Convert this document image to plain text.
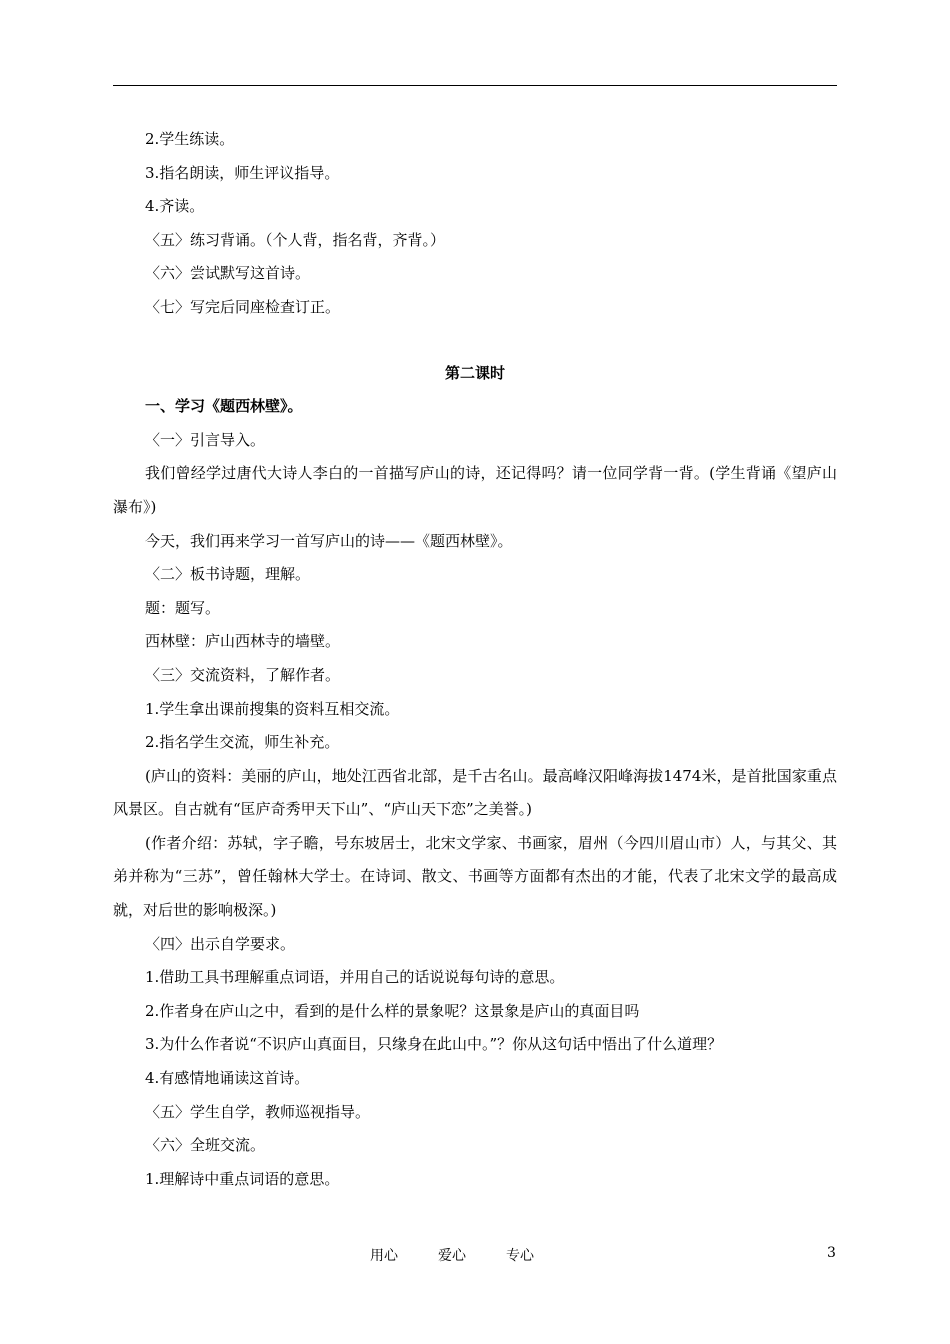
2.学生练读。

3.指名朗读，师生评议指导。

4.齐读。

〈五〉练习背诵。（个人背，指名背，齐背。）

〈六〉尝试默写这首诗。

〈七〉写完后同座检查订正。

第二课时

一、学习《题西林壁》。

〈一〉引言导入。

我们曾经学过唐代大诗人李白的一首描写庐山的诗，还记得吗？请一位同学背一背。(学生背诵《望庐山瀑布》)

今天，我们再来学习一首写庐山的诗——《题西林壁》。

〈二〉板书诗题，理解。

题：题写。

西林壁：庐山西林寺的墙壁。

〈三〉交流资料，了解作者。

1.学生拿出课前搜集的资料互相交流。

2.指名学生交流，师生补充。

(庐山的资料：美丽的庐山，地处江西省北部，是千古名山。最高峰汉阳峰海拔1474米，是首批国家重点风景区。自古就有“匡庐奇秀甲天下山”、“庐山天下恋”之美誉。)

(作者介绍：苏轼，字子瞻，号东坡居士，北宋文学家、书画家，眉州（今四川眉山市）人，与其父、其弟并称为“三苏”，曾任翰林大学士。在诗词、散文、书画等方面都有杰出的才能，代表了北宋文学的最高成就，对后世的影响极深。)

〈四〉出示自学要求。

1.借助工具书理解重点词语，并用自己的话说说每句诗的意思。

2.作者身在庐山之中，看到的是什么样的景象呢？这景象是庐山的真面目吗

3.为什么作者说“不识庐山真面目，只缘身在此山中。”？你从这句话中悟出了什么道理？

4.有感情地诵读这首诗。

〈五〉学生自学，教师巡视指导。

〈六〉全班交流。

1.理解诗中重点词语的意思。

用心	爱心	专心	3
